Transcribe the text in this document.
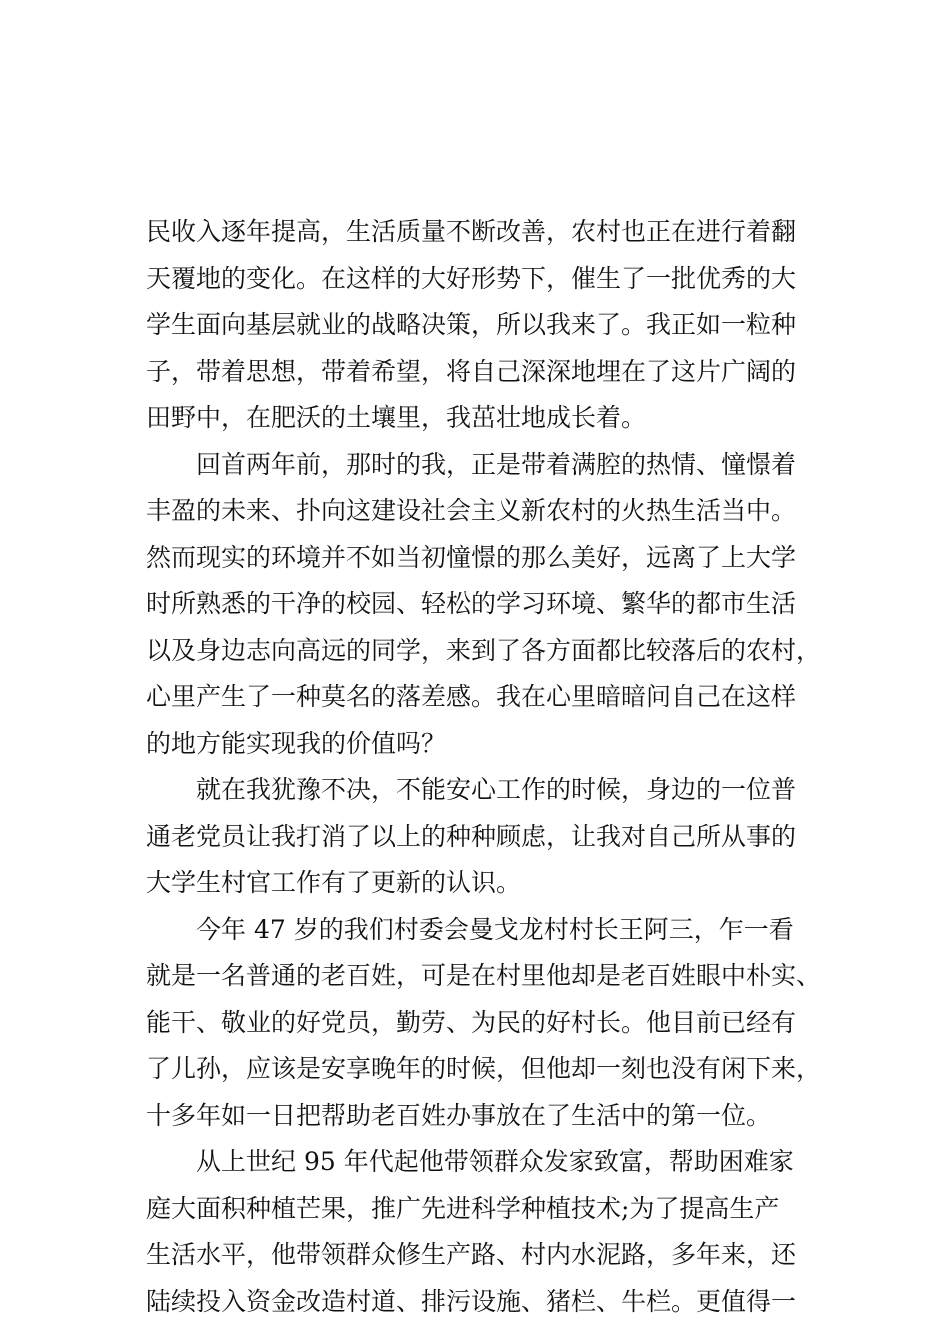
民收入逐年提高，生活质量不断改善，农村也正在进行着翻
天覆地的变化。在这样的大好形势下，催生了一批优秀的大
学生面向基层就业的战略决策，所以我来了。我正如一粒种
子，带着思想，带着希望，将自己深深地埋在了这片广阔的
田野中，在肥沃的土壤里，我茁壮地成长着。
回首两年前，那时的我，正是带着满腔的热情、憧憬着
丰盈的未来、扑向这建设社会主义新农村的火热生活当中。
然而现实的环境并不如当初憧憬的那么美好，远离了上大学
时所熟悉的干净的校园、轻松的学习环境、繁华的都市生活
以及身边志向高远的同学，来到了各方面都比较落后的农村，
心里产生了一种莫名的落差感。我在心里暗暗问自己在这样
的地方能实现我的价值吗？
就在我犹豫不决，不能安心工作的时候，身边的一位普
通老党员让我打消了以上的种种顾虑，让我对自己所从事的
大学生村官工作有了更新的认识。
今年 47 岁的我们村委会曼戈龙村村长王阿三，乍一看
就是一名普通的老百姓，可是在村里他却是老百姓眼中朴实、
能干、敬业的好党员，勤劳、为民的好村长。他目前已经有
了儿孙，应该是安享晚年的时候，但他却一刻也没有闲下来，
十多年如一日把帮助老百姓办事放在了生活中的第一位。
从上世纪 95 年代起他带领群众发家致富，帮助困难家
庭大面积种植芒果，推广先进科学种植技术;为了提高生产
生活水平，他带领群众修生产路、村内水泥路，多年来，还
陆续投入资金改造村道、排污设施、猪栏、牛栏。更值得一
